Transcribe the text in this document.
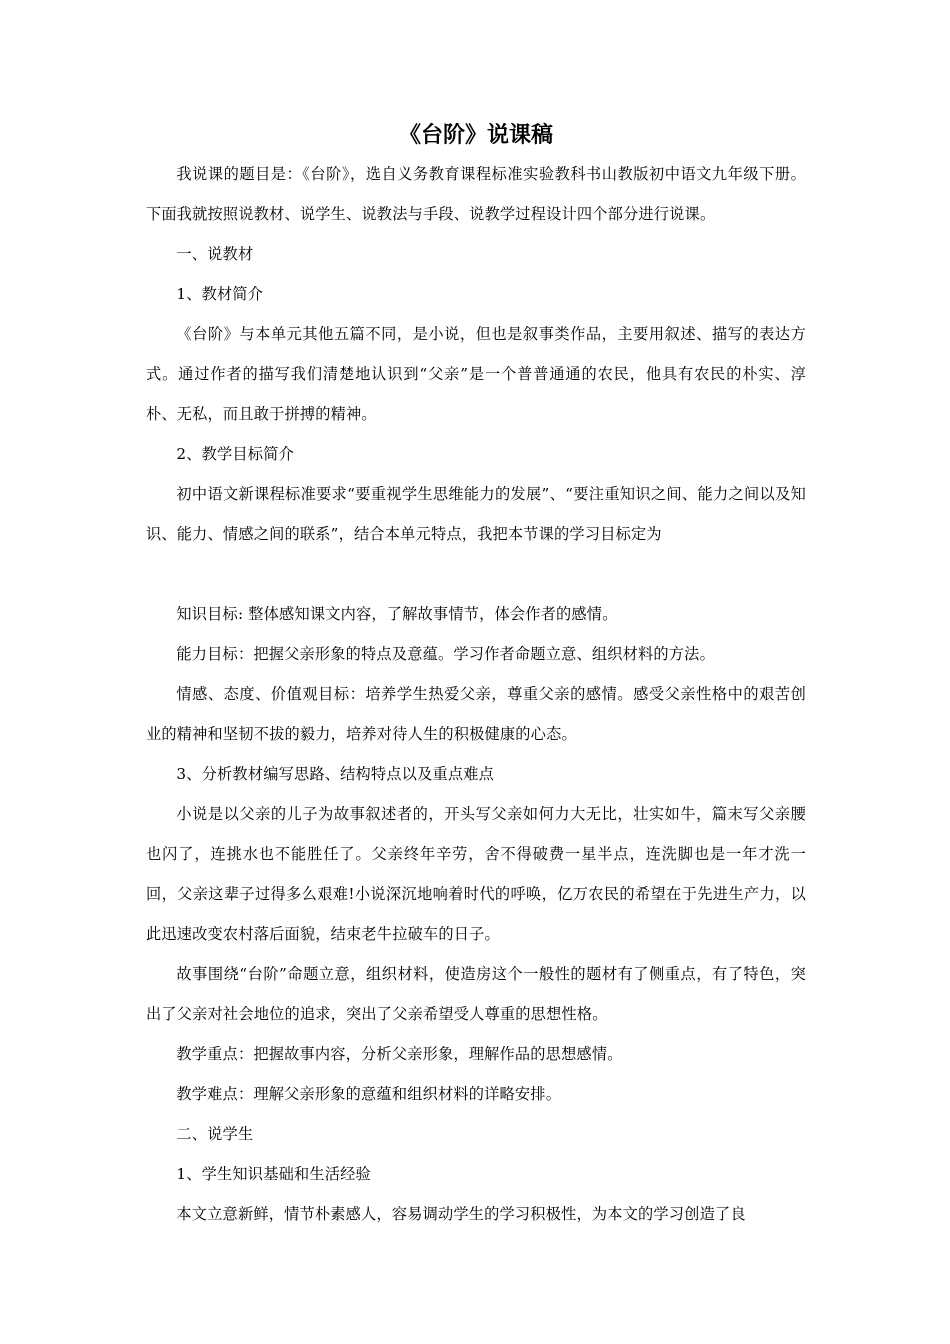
《台阶》说课稿

我说课的题目是：《台阶》，选自义务教育课程标准实验教科书山教版初中语文九年级下册。下面我就按照说教材、说学生、说教法与手段、说教学过程设计四个部分进行说课。

一、说教材

1、教材简介

《台阶》与本单元其他五篇不同，是小说，但也是叙事类作品，主要用叙述、描写的表达方式。通过作者的描写我们清楚地认识到“父亲”是一个普普通通的农民，他具有农民的朴实、淳朴、无私，而且敢于拼搏的精神。

2、教学目标简介

初中语文新课程标准要求“要重视学生思维能力的发展”、“要注重知识之间、能力之间以及知识、能力、情感之间的联系”，结合本单元特点，我把本节课的学习目标定为

知识目标: 整体感知课文内容，了解故事情节，体会作者的感情。

能力目标：把握父亲形象的特点及意蕴。学习作者命题立意、组织材料的方法。

情感、态度、价值观目标：培养学生热爱父亲，尊重父亲的感情。感受父亲性格中的艰苦创业的精神和坚韧不拔的毅力，培养对待人生的积极健康的心态。

3、分析教材编写思路、结构特点以及重点难点

小说是以父亲的儿子为故事叙述者的，开头写父亲如何力大无比，壮实如牛，篇末写父亲腰也闪了，连挑水也不能胜任了。父亲终年辛劳，舍不得破费一星半点，连洗脚也是一年才洗一回，父亲这辈子过得多么艰难!小说深沉地响着时代的呼唤，亿万农民的希望在于先进生产力，以此迅速改变农村落后面貌，结束老牛拉破车的日子。

故事围绕“台阶”命题立意，组织材料，使造房这个一般性的题材有了侧重点，有了特色，突出了父亲对社会地位的追求，突出了父亲希望受人尊重的思想性格。

教学重点：把握故事内容，分析父亲形象，理解作品的思想感情。

教学难点：理解父亲形象的意蕴和组织材料的详略安排。

二、说学生

1、学生知识基础和生活经验

本文立意新鲜，情节朴素感人，容易调动学生的学习积极性，为本文的学习创造了良
